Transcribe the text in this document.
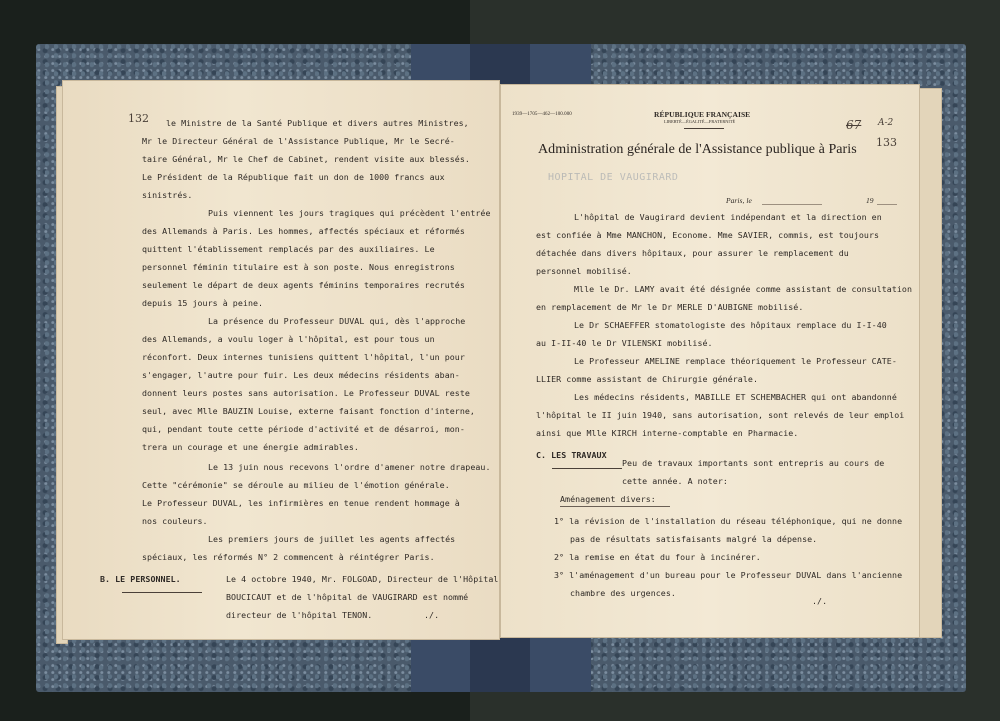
132 le Ministre de la Santé Publique et divers autres Ministres,
Mr le Directeur Général de l'Assistance Publique, Mr le Secré-
taire Général, Mr le Chef de Cabinet, rendent visite aux blessés.
Le Président de la République fait un don de 1000 francs aux
sinistrés.
Puis viennent les jours tragiques qui précèdent l'entrée
des Allemands à Paris. Les hommes, affectés spéciaux et réformés
quittent l'établissement remplacés par des auxiliaires. Le
personnel féminin titulaire est à son poste. Nous enregistrons
seulement le départ de deux agents féminins temporaires recrutés
depuis 15 jours à peine.
La présence du Professeur DUVAL qui, dès l'approche
des Allemands, a voulu loger à l'hôpital, est pour tous un
réconfort. Deux internes tunisiens quittent l'hôpital, l'un pour
s'engager, l'autre pour fuir. Les deux médecins résidents aban-
donnent leurs postes sans autorisation. Le Professeur DUVAL reste
seul, avec Mlle BAUZIN Louise, externe faisant fonction d'interne,
qui, pendant toute cette période d'activité et de désarroi, mon-
trera un courage et une énergie admirables.
Le 13 juin nous recevons l'ordre d'amener notre drapeau.
Cette "cérémonie" se déroule au milieu de l'émotion générale.
Le Professeur DUVAL, les infirmières en tenue rendent hommage à
nos couleurs.
Les premiers jours de juillet les agents affectés
spéciaux, les réformés N° 2 commencent à réintégrer Paris.
B. LE PERSONNEL.	Le 4 octobre 1940, Mr. FOLGOAD, Directeur de l'Hôpital
BOUCICAUT et de l'hôpital de VAUGIRARD est nommé
directeur de l'hôpital TENON.	./.
1939—1705—462—100.000	RÉPUBLIQUE FRANÇAISE
LIBERTÉ—ÉGALITÉ—FRATERNITÉ	67 A-2
133
Administration générale de l'Assistance publique à Paris
HOPITAL DE VAUGIRARD
Paris, le	19
L'hôpital de Vaugirard devient indépendant et la direction en
est confiée à Mme MANCHON, Econome. Mme SAVIER, commis, est toujours
détachée dans divers hôpitaux, pour assurer le remplacement du
personnel mobilisé.
Mlle le Dr. LAMY avait été désignée comme assistant de consultation
en remplacement de Mr le Dr MERLE D'AUBIGNE mobilisé.
Le Dr SCHAEFFER stomatologiste des hôpitaux remplace du I-I-40
au I-II-40 le Dr VILENSKI mobilisé.
Le Professeur AMELINE remplace théoriquement le Professeur CATE-
LLIER comme assistant de Chirurgie générale.
Les médecins résidents, MABILLE ET SCHEMBACHER qui ont abandonné
l'hôpital le II juin 1940, sans autorisation, sont relevés de leur emploi
ainsi que Mlle KIRCH interne-comptable en Pharmacie.
C. LES TRAVAUX
Peu de travaux importants sont entrepris au cours de
cette année. A noter:
Aménagement divers:
1° la révision de l'installation du réseau téléphonique, qui ne donne
pas de résultats satisfaisants malgré la dépense.
2° la remise en état du four à incinérer.
3° l'aménagement d'un bureau pour le Professeur DUVAL dans l'ancienne
chambre des urgences.
./.
